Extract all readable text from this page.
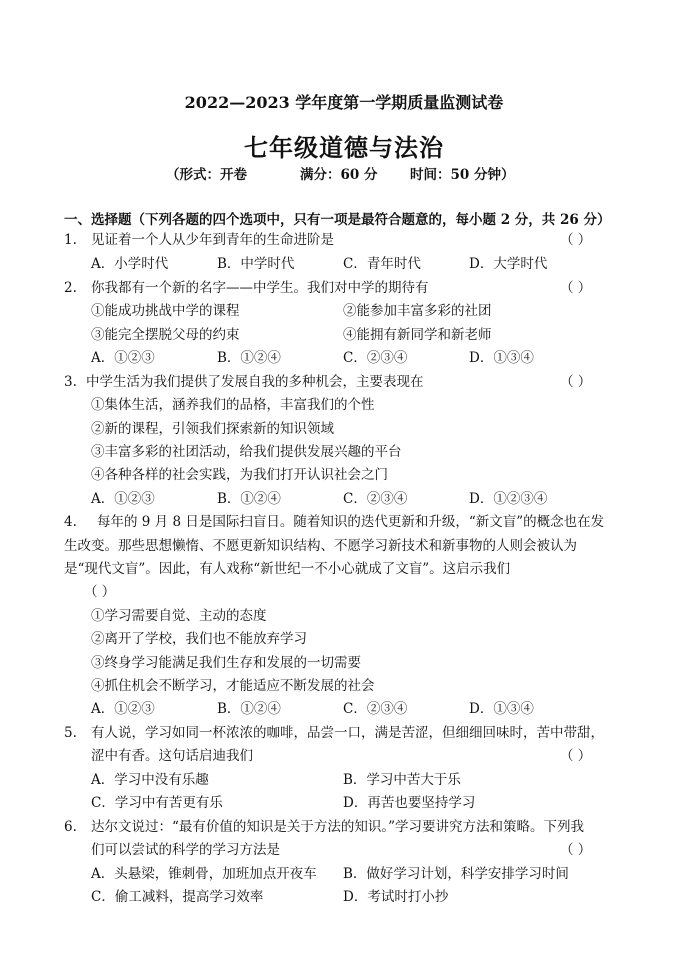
2022—2023 学年度第一学期质量监测试卷
七年级道德与法治
（形式：开卷	满分：60 分 时间：50 分钟）
一、选择题（下列各题的四个选项中，只有一项是最符合题意的，每小题 2 分，共 26 分）
1. 见证着一个人从少年到青年的生命进阶是	（ ）
A．小学时代	B．中学时代	C．青年时代	D．大学时代
2. 你我都有一个新的名字——中学生。我们对中学的期待有	（ ）
①能成功挑战中学的课程	②能参加丰富多彩的社团
③能完全摆脱父母的约束	④能拥有新同学和新老师
A．①②③	B．①②④	C．②③④	D．①③④
3. 中学生活为我们提供了发展自我的多种机会，主要表现在	（ ）
①集体生活，涵养我们的品格，丰富我们的个性
②新的课程，引领我们探索新的知识领域
③丰富多彩的社团活动，给我们提供发展兴趣的平台
④各种各样的社会实践，为我们打开认识社会之门
A．①②③	B．①②④	C．②③④	D．①②③④
4. 每年的 9 月 8 日是国际扫盲日。随着知识的迭代更新和升级，“新文盲”的概念也在发
生改变。那些思想懒惰、不愿更新知识结构、不愿学习新技术和新事物的人则会被认为
是“现代文盲”。因此，有人戏称“新世纪一不小心就成了文盲”。这启示我们
（ ）
①学习需要自觉、主动的态度
②离开了学校，我们也不能放弃学习
③终身学习能满足我们生存和发展的一切需要
④抓住机会不断学习，才能适应不断发展的社会
A．①②③	B．①②④	C．②③④	D．①③④
5. 有人说，学习如同一杯浓浓的咖啡，品尝一口，满是苦涩，但细细回味时，苦中带甜，
涩中有香。这句话启迪我们	（ ）
A．学习中没有乐趣	B．学习中苦大于乐
C．学习中有苦更有乐	D．再苦也要坚持学习
6. 达尔文说过：“最有价值的知识是关于方法的知识。”学习要讲究方法和策略。下列我
们可以尝试的科学的学习方法是	（ ）
A．头悬梁，锥刺骨，加班加点开夜车 B．做好学习计划，科学安排学习时间
C．偷工减料，提高学习效率	D．考试时打小抄
